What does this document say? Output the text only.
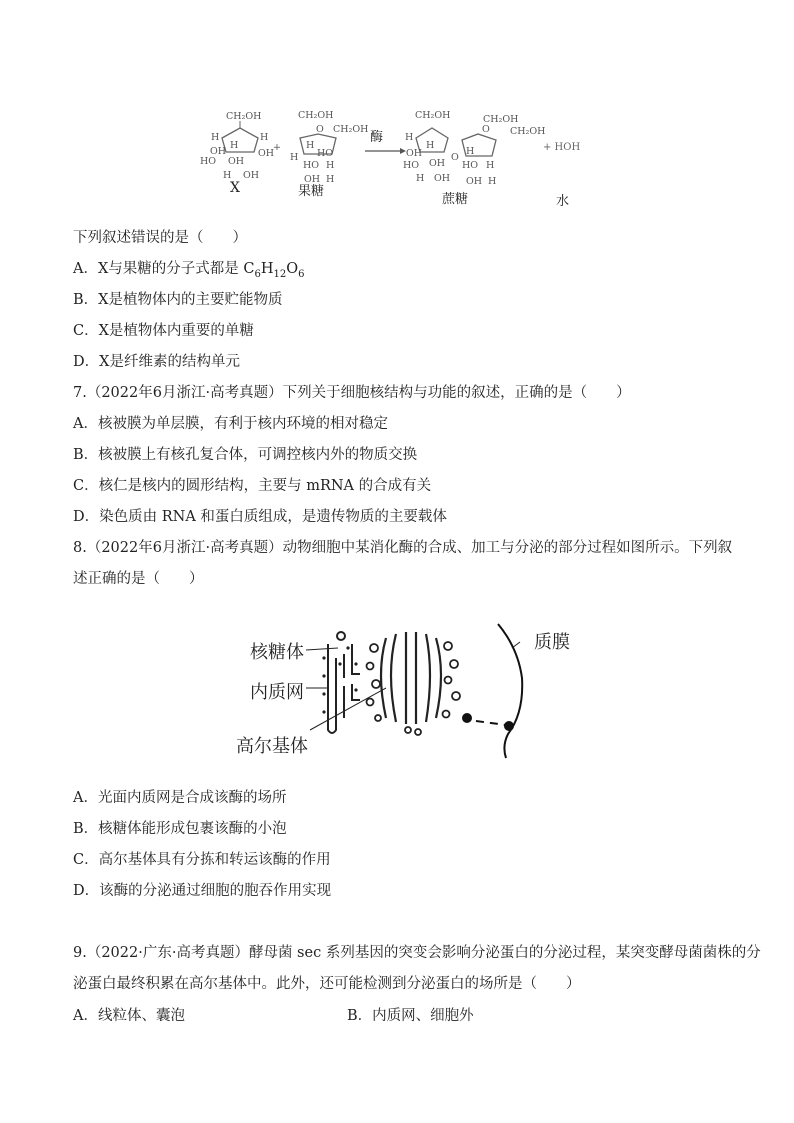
CH₂OH
H
OH
H
H
OH
HO OH
H OH
+
CH₂OH
O CH₂OH
H
H
HO
HO H
OH H
CH₂OH	CH₂OH
H
OH
H
HO OH
H OH
O
O CH₂OH
H
HO H
OH H
X	果糖
酶
蔗糖
+ HOH
水
下列叙述错误的是（　　）
A．X与果糖的分子式都是 $C_6H_{12}O_6$
B．X是植物体内的主要贮能物质
C．X是植物体内重要的单糖
D．X是纤维素的结构单元
7.（2022年6月浙江·高考真题）下列关于细胞核结构与功能的叙述，正确的是（　　）
A．核被膜为单层膜，有利于核内环境的相对稳定
B．核被膜上有核孔复合体，可调控核内外的物质交换
C．核仁是核内的圆形结构，主要与 mRNA 的合成有关
D．染色质由 RNA 和蛋白质组成，是遗传物质的主要载体
8.（2022年6月浙江·高考真题）动物细胞中某消化酶的合成、加工与分泌的部分过程如图所示。下列叙
述正确的是（　　）
核糖体
内质网
高尔基体
质膜
A．光面内质网是合成该酶的场所
B．核糖体能形成包裹该酶的小泡
C．高尔基体具有分拣和转运该酶的作用
D．该酶的分泌通过细胞的胞吞作用实现
9.（2022·广东·高考真题）酵母菌 sec 系列基因的突变会影响分泌蛋白的分泌过程，某突变酵母菌菌株的分
泌蛋白最终积累在高尔基体中。此外，还可能检测到分泌蛋白的场所是（　　）
A．线粒体、囊泡	B．内质网、细胞外
